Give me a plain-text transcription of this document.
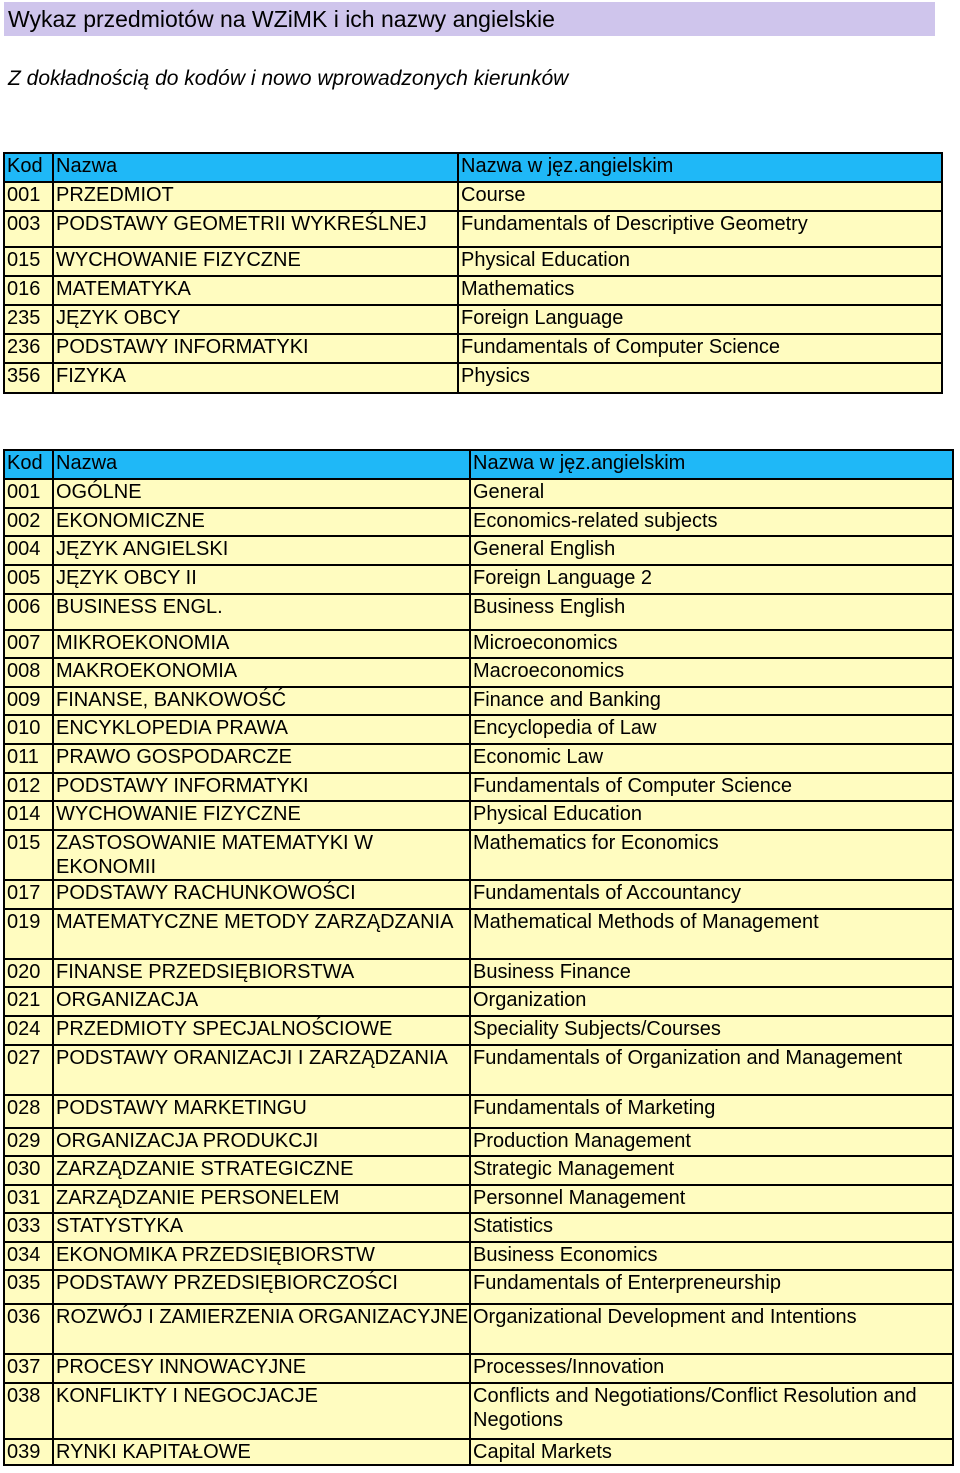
Wykaz przedmiotów na WZiMK i ich nazwy angielskie

Z dokładnością do kodów i nowo wprowadzonych kierunków

Kod	Nazwa	Nazwa w jęz.angielskim
001	PRZEDMIOT	Course
003	PODSTAWY GEOMETRII WYKREŚLNEJ	Fundamentals of Descriptive Geometry
015	WYCHOWANIE FIZYCZNE	Physical Education
016	MATEMATYKA	Mathematics
235	JĘZYK OBCY	Foreign Language
236	PODSTAWY INFORMATYKI	Fundamentals of Computer Science
356	FIZYKA	Physics
Kod	Nazwa	Nazwa w jęz.angielskim
001	OGÓLNE	General
002	EKONOMICZNE	Economics-related subjects
004	JĘZYK ANGIELSKI	General English
005	JĘZYK OBCY II	Foreign Language 2
006	BUSINESS ENGL.	Business English
007	MIKROEKONOMIA	Microeconomics
008	MAKROEKONOMIA	Macroeconomics
009	FINANSE, BANKOWOŚĆ	Finance and Banking
010	ENCYKLOPEDIA PRAWA	Encyclopedia of Law
011	PRAWO GOSPODARCZE	Economic Law
012	PODSTAWY INFORMATYKI	Fundamentals of Computer Science
014	WYCHOWANIE FIZYCZNE	Physical Education
015	ZASTOSOWANIE MATEMATYKI W EKONOMII	Mathematics for Economics
017	PODSTAWY RACHUNKOWOŚCI	Fundamentals of Accountancy
019	MATEMATYCZNE METODY ZARZĄDZANIA	Mathematical Methods of Management
020	FINANSE PRZEDSIĘBIORSTWA	Business Finance
021	ORGANIZACJA	Organization
024	PRZEDMIOTY SPECJALNOŚCIOWE	Speciality Subjects/Courses
027	PODSTAWY ORANIZACJI I ZARZĄDZANIA	Fundamentals of Organization and Management
028	PODSTAWY MARKETINGU	Fundamentals of Marketing
029	ORGANIZACJA PRODUKCJI	Production Management
030	ZARZĄDZANIE STRATEGICZNE	Strategic Management
031	ZARZĄDZANIE PERSONELEM	Personnel Management
033	STATYSTYKA	Statistics
034	EKONOMIKA PRZEDSIĘBIORSTW	Business Economics
035	PODSTAWY PRZEDSIĘBIORCZOŚCI	Fundamentals of Enterpreneurship
036	ROZWÓJ I ZAMIERZENIA ORGANIZACYJNE	Organizational Development and Intentions
037	PROCESY INNOWACYJNE	Processes/Innovation
038	KONFLIKTY I NEGOCJACJE	Conflicts and Negotiations/Conflict Resolution and Negotions
039	RYNKI KAPITAŁOWE	Capital Markets
